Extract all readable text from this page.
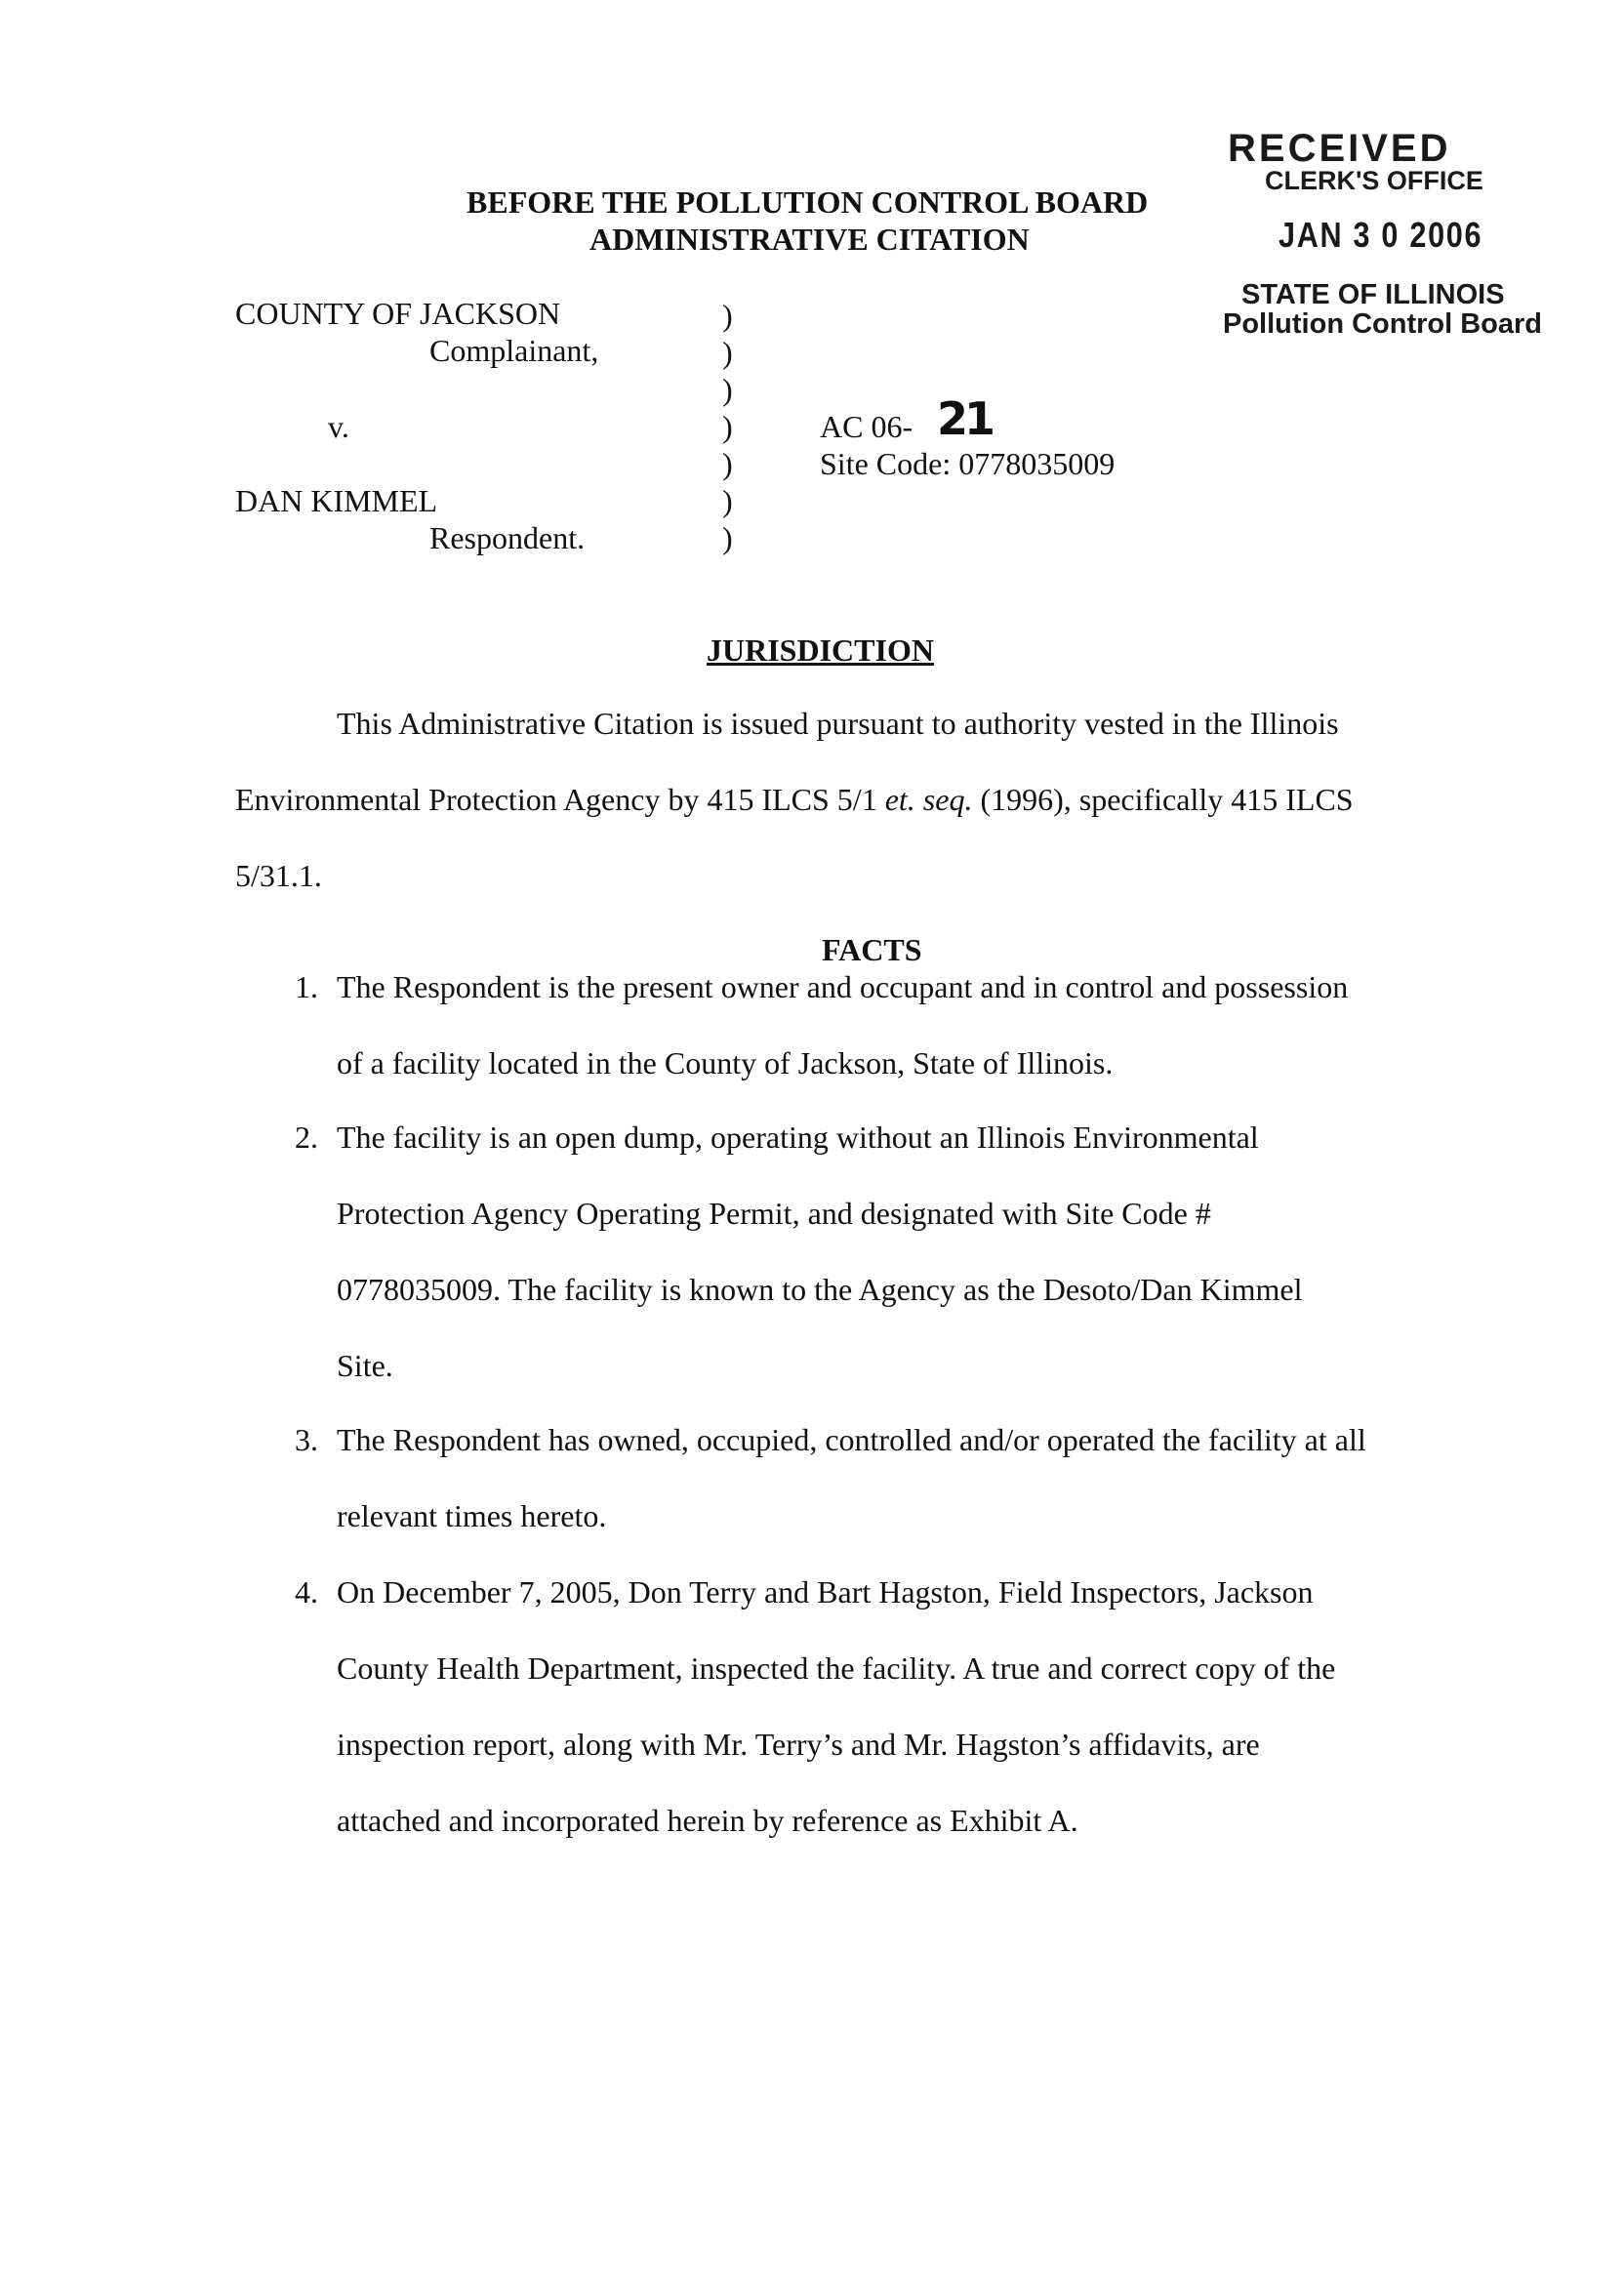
RECEIVED
CLERK'S OFFICE
JAN 3 0 2006
STATE OF ILLINOIS
Pollution Control Board
BEFORE THE POLLUTION CONTROL BOARD
ADMINISTRATIVE CITATION
COUNTY OF JACKSON
Complainant,
v.
DAN KIMMEL
Respondent.
)
)
)
)
)
)
)
AC 06- 21
Site Code: 0778035009
JURISDICTION
This Administrative Citation is issued pursuant to authority vested in the Illinois
Environmental Protection Agency by 415 ILCS 5/1 et. seq. (1996), specifically 415 ILCS
5/31.1.
FACTS
1. The Respondent is the present owner and occupant and in control and possession
of a facility located in the County of Jackson, State of Illinois.
2. The facility is an open dump, operating without an Illinois Environmental
Protection Agency Operating Permit, and designated with Site Code #
0778035009. The facility is known to the Agency as the Desoto/Dan Kimmel
Site.
3. The Respondent has owned, occupied, controlled and/or operated the facility at all
relevant times hereto.
4. On December 7, 2005, Don Terry and Bart Hagston, Field Inspectors, Jackson
County Health Department, inspected the facility. A true and correct copy of the
inspection report, along with Mr. Terry’s and Mr. Hagston’s affidavits, are
attached and incorporated herein by reference as Exhibit A.
